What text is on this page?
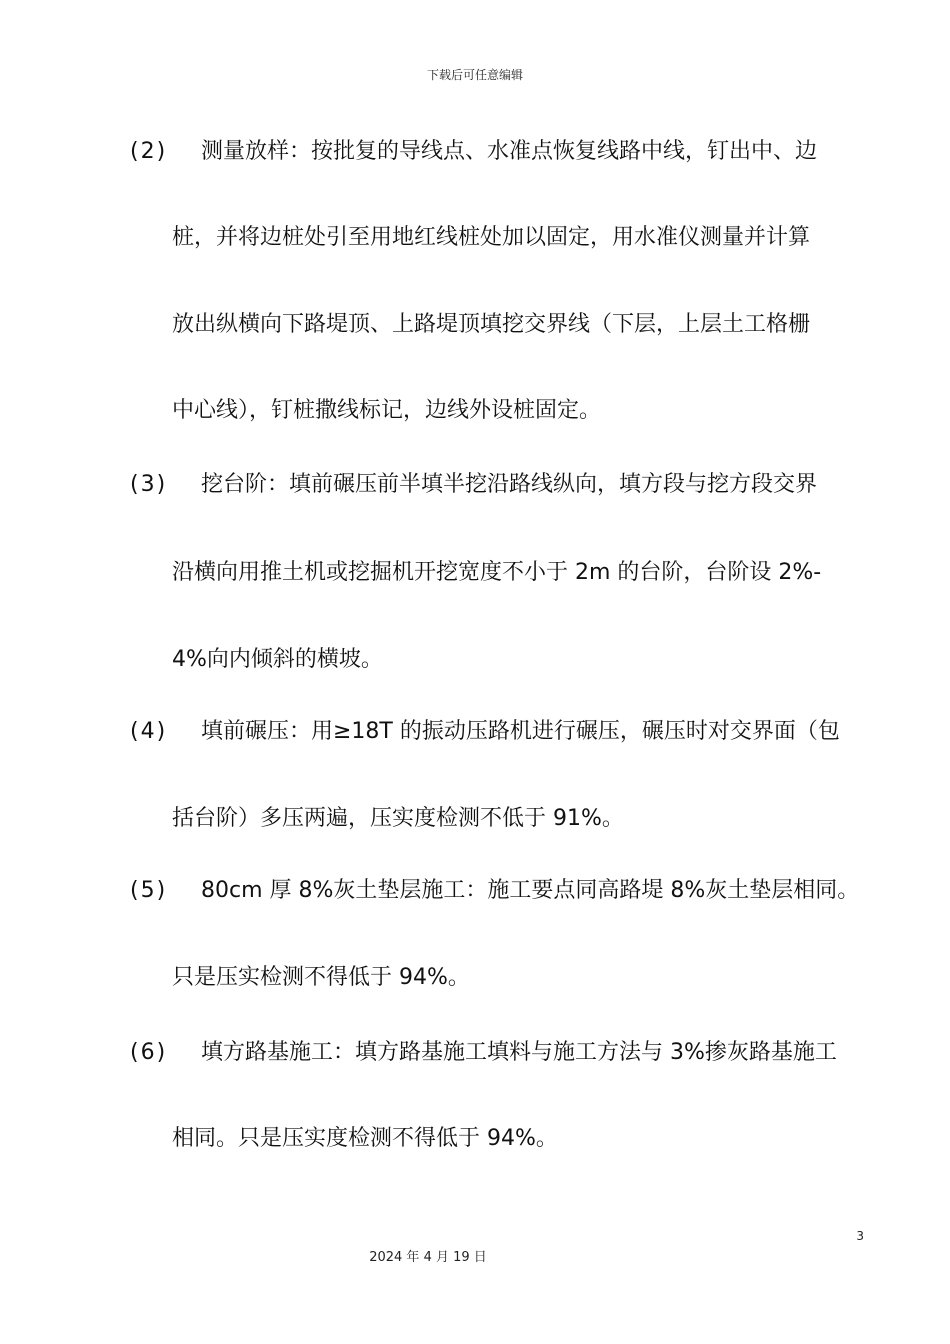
下载后可任意编辑
(2) 测量放样：按批复的导线点、水准点恢复线路中线，钉出中、边
桩，并将边桩处引至用地红线桩处加以固定，用水准仪测量并计算
放出纵横向下路堤顶、上路堤顶填挖交界线（下层，上层土工格栅
中心线），钉桩撒线标记，边线外设桩固定。
(3) 挖台阶：填前碾压前半填半挖沿路线纵向，填方段与挖方段交界
沿横向用推土机或挖掘机开挖宽度不小于 2m 的台阶，台阶设 2%-
4%向内倾斜的横坡。
(4) 填前碾压：用≥18T 的振动压路机进行碾压，碾压时对交界面（包
括台阶）多压两遍，压实度检测不低于 91%。
(5) 80cm 厚 8%灰土垫层施工：施工要点同高路堤 8%灰土垫层相同。
只是压实检测不得低于 94%。
(6) 填方路基施工：填方路基施工填料与施工方法与 3%掺灰路基施工
相同。只是压实度检测不得低于 94%。
3
2024 年 4 月 19 日
